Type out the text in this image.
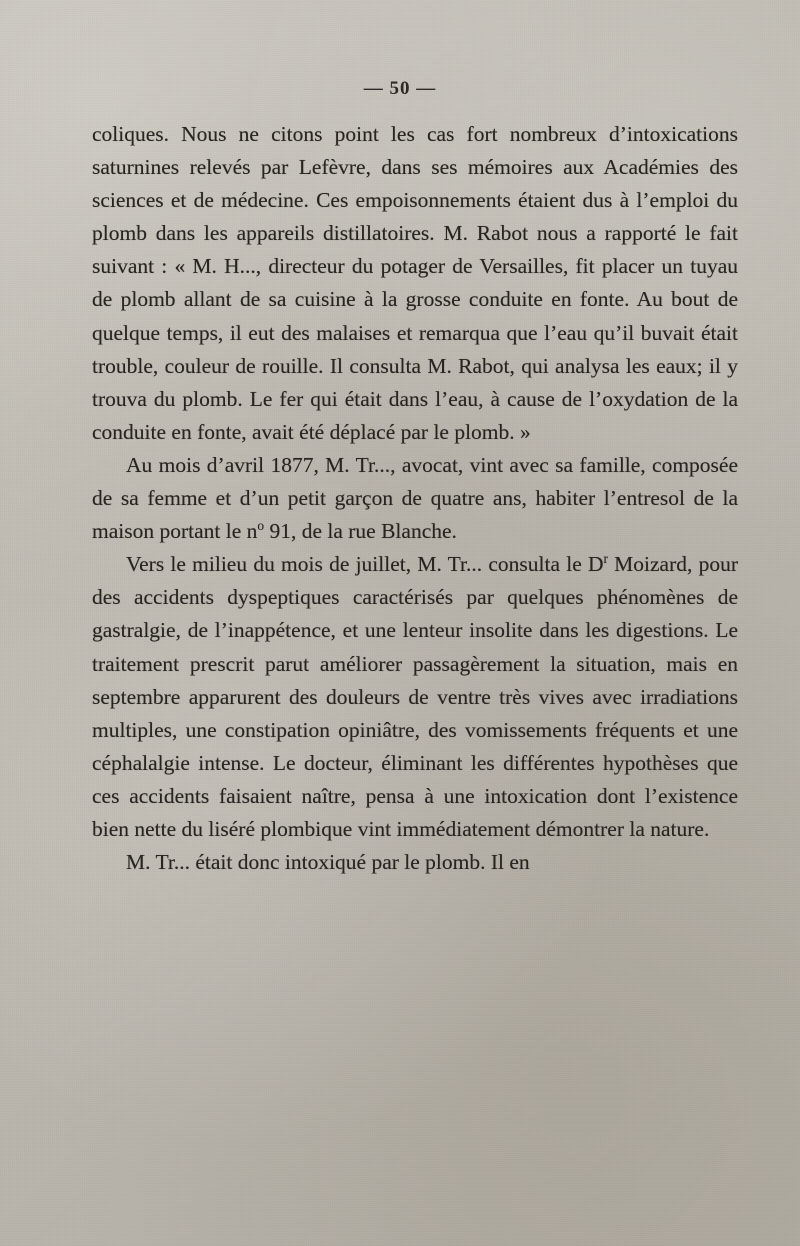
— 50 —

coliques. Nous ne citons point les cas fort nombreux d’intoxications saturnines relevés par Lefèvre, dans ses mémoires aux Académies des sciences et de médecine. Ces empoisonnements étaient dus à l’emploi du plomb dans les appareils distillatoires. M. Rabot nous a rapporté le fait suivant : « M. H..., directeur du potager de Versailles, fit placer un tuyau de plomb allant de sa cuisine à la grosse conduite en fonte. Au bout de quelque temps, il eut des malaises et remarqua que l’eau qu’il buvait était trouble, couleur de rouille. Il consulta M. Rabot, qui analysa les eaux; il y trouva du plomb. Le fer qui était dans l’eau, à cause de l’oxydation de la conduite en fonte, avait été déplacé par le plomb. »

Au mois d’avril 1877, M. Tr..., avocat, vint avec sa famille, composée de sa femme et d’un petit garçon de quatre ans, habiter l’entresol de la maison portant le $n^o$ 91, de la rue Blanche.

Vers le milieu du mois de juillet, M. Tr... consulta le $D^r$ Moizard, pour des accidents dyspeptiques caractérisés par quelques phénomènes de gastralgie, de l’inappétence, et une lenteur insolite dans les digestions. Le traitement prescrit parut améliorer passagèrement la situation, mais en septembre apparurent des douleurs de ventre très vives avec irradiations multiples, une constipation opiniâtre, des vomissements fréquents et une céphalalgie intense. Le docteur, éliminant les différentes hypothèses que ces accidents faisaient naître, pensa à une intoxication dont l’existence bien nette du liséré plombique vint immédiatement démontrer la nature.

M. Tr... était donc intoxiqué par le plomb. Il en
